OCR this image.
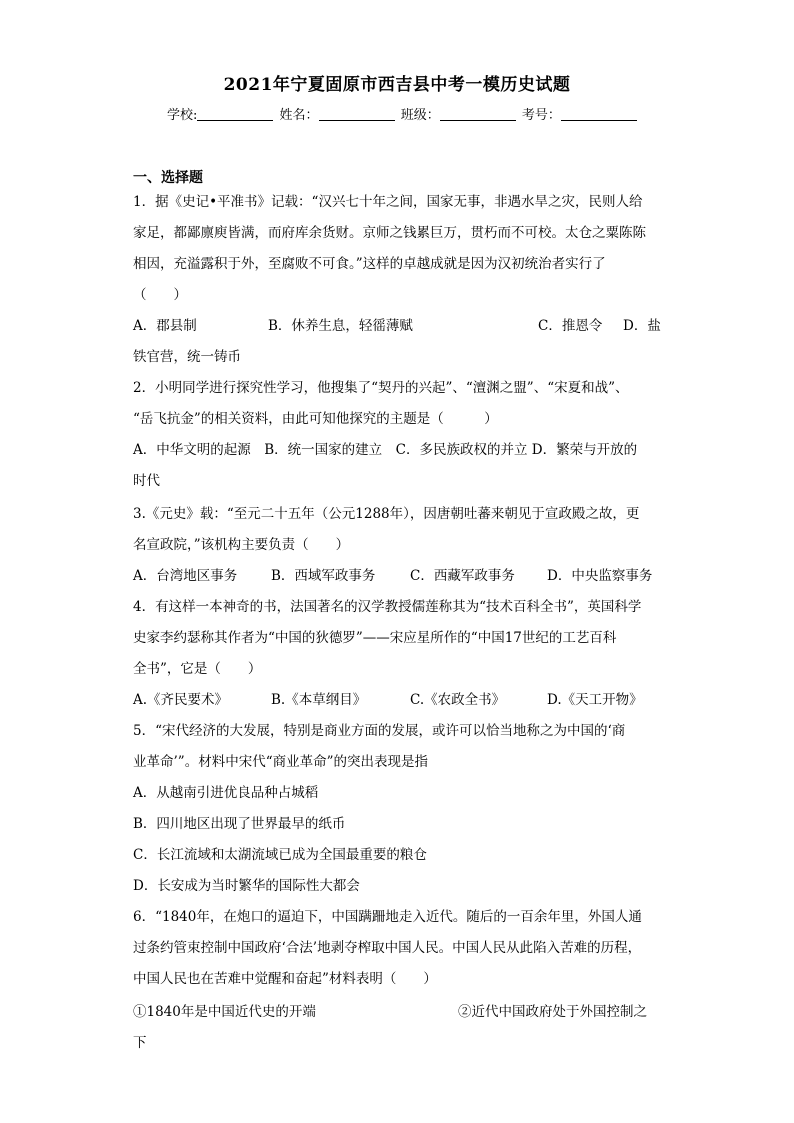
2021年宁夏固原市西吉县中考一模历史试题
学校:	姓名：	班级：	考号：
一、选择题
1．据《史记•平准书》记载：“汉兴七十年之间，国家无事，非遇水旱之灾，民则人给
家足，都鄙廪庾皆满，而府库余货财。京师之钱累巨万，贯朽而不可校。太仓之粟陈陈
相因，充溢露积于外，至腐败不可食。”这样的卓越成就是因为汉初统治者实行了
（　　）
A．郡县制	B．休养生息，轻徭薄赋	C．推恩令 D．盐
铁官营，统一铸币
2．小明同学进行探究性学习，他搜集了“契丹的兴起”、“澶渊之盟”、“宋夏和战”、
“岳飞抗金”的相关资料，由此可知他探究的主题是（　　　）
A．中华文明的起源　B．统一国家的建立　C．多民族政权的并立 D．繁荣与开放的
时代
3.《元史》载：“至元二十五年（公元1288年），因唐朝吐蕃来朝见于宣政殿之故，更
名宣政院，”该机构主要负责（　　）
A．台湾地区事务	B．西域军政事务	C．西藏军政事务 D．中央监察事务
4．有这样一本神奇的书，法国著名的汉学教授儒莲称其为“技术百科全书”，英国科学
史家李约瑟称其作者为“中国的狄德罗”——宋应星所作的“中国17世纪的工艺百科
全书”，它是（　　）
A.《齐民要术》	B.《本草纲目》	C.《农政全书》	D.《天工开物》
5．“宋代经济的大发展，特别是商业方面的发展，或许可以恰当地称之为中国的‘商
业革命’”。材料中宋代“商业革命”的突出表现是指
A．从越南引进优良品种占城稻
B．四川地区出现了世界最早的纸币
C．长江流域和太湖流域已成为全国最重要的粮仓
D．长安成为当时繁华的国际性大都会
6．“1840年，在炮口的逼迫下，中国蹒跚地走入近代。随后的一百余年里，外国人通
过条约管束控制中国政府‘合法’地剥夺榨取中国人民。中国人民从此陷入苦难的历程，
中国人民也在苦难中觉醒和奋起”材料表明（　　）
①1840年是中国近代史的开端	②近代中国政府处于外国控制之
下
